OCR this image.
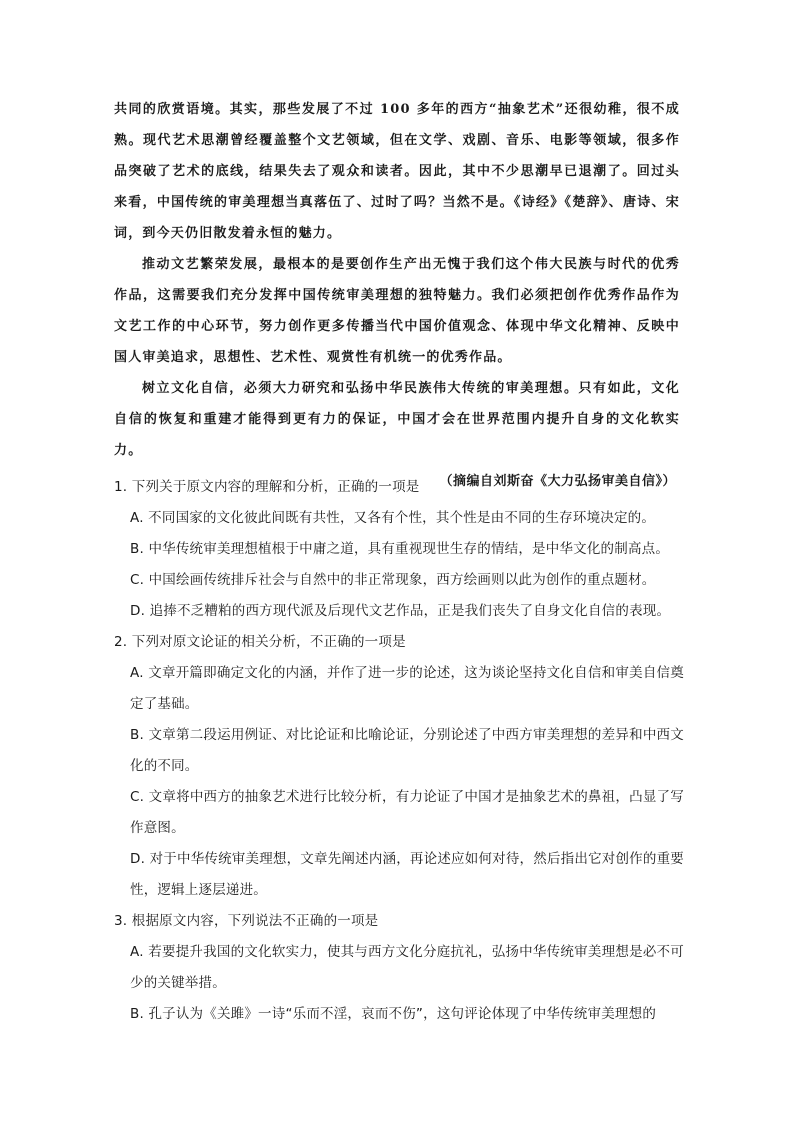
共同的欣赏语境。其实，那些发展了不过 100 多年的西方“抽象艺术”还很幼稚，很不成熟。现代艺术思潮曾经覆盖整个文艺领域，但在文学、戏剧、音乐、电影等领域，很多作品突破了艺术的底线，结果失去了观众和读者。因此，其中不少思潮早已退潮了。回过头来看，中国传统的审美理想当真落伍了、过时了吗？当然不是。《诗经》《楚辞》、唐诗、宋词，到今天仍旧散发着永恒的魅力。

推动文艺繁荣发展，最根本的是要创作生产出无愧于我们这个伟大民族与时代的优秀作品，这需要我们充分发挥中国传统审美理想的独特魅力。我们必须把创作优秀作品作为文艺工作的中心环节，努力创作更多传播当代中国价值观念、体现中华文化精神、反映中国人审美追求，思想性、艺术性、观赏性有机统一的优秀作品。

树立文化自信，必须大力研究和弘扬中华民族伟大传统的审美理想。只有如此，文化自信的恢复和重建才能得到更有力的保证，中国才会在世界范围内提升自身的文化软实力。

（摘编自刘斯奋《大力弘扬审美自信》）

1. 下列关于原文内容的理解和分析，正确的一项是

A. 不同国家的文化彼此间既有共性，又各有个性，其个性是由不同的生存环境决定的。

B. 中华传统审美理想植根于中庸之道，具有重视现世生存的情结，是中华文化的制高点。

C. 中国绘画传统排斥社会与自然中的非正常现象，西方绘画则以此为创作的重点题材。

D. 追捧不乏糟粕的西方现代派及后现代文艺作品，正是我们丧失了自身文化自信的表现。

2. 下列对原文论证的相关分析，不正确的一项是

A. 文章开篇即确定文化的内涵，并作了进一步的论述，这为谈论坚持文化自信和审美自信奠定了基础。

B. 文章第二段运用例证、对比论证和比喻论证，分别论述了中西方审美理想的差异和中西文化的不同。

C. 文章将中西方的抽象艺术进行比较分析，有力论证了中国才是抽象艺术的鼻祖，凸显了写作意图。

D. 对于中华传统审美理想，文章先阐述内涵，再论述应如何对待，然后指出它对创作的重要性，逻辑上逐层递进。

3. 根据原文内容，下列说法不正确的一项是

A. 若要提升我国的文化软实力，使其与西方文化分庭抗礼，弘扬中华传统审美理想是必不可少的关键举措。

B. 孔子认为《关雎》一诗“乐而不淫，哀而不伤”，这句评论体现了中华传统审美理想的
